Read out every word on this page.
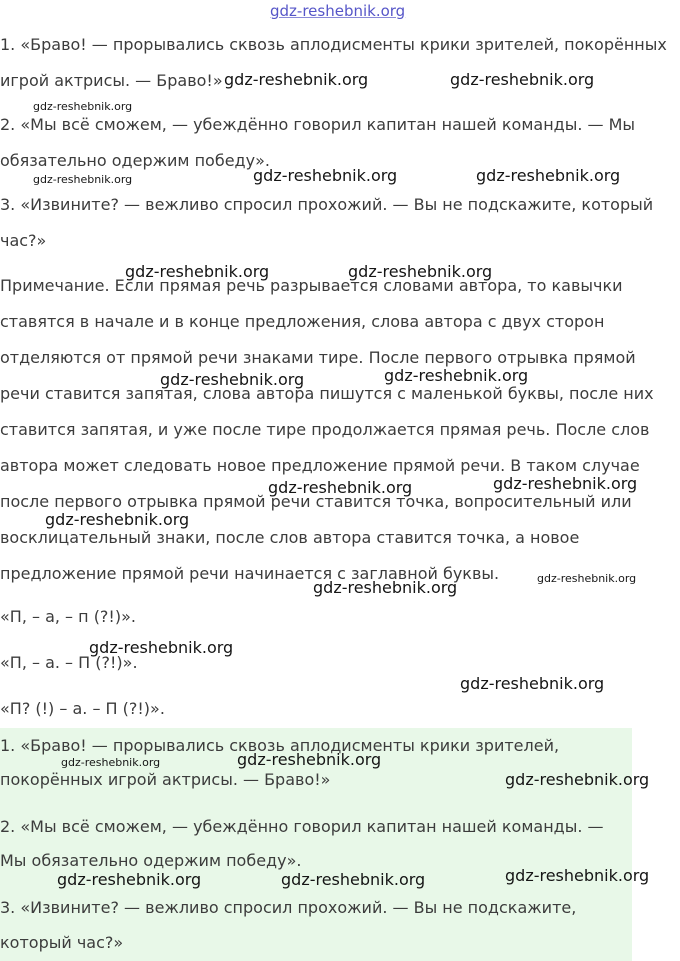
1. «Браво! — прорывались сквозь аплодисменты крики зрителей, покорённых
игрой актрисы. — Браво!»
2. «Мы всё сможем, — убеждённо говорил капитан нашей команды. — Мы
обязательно одержим победу».
3. «Извините? — вежливо спросил прохожий. — Вы не подскажите, который
час?»
Примечание. Если прямая речь разрывается словами автора, то кавычки
ставятся в начале и в конце предложения, слова автора с двух сторон
отделяются от прямой речи знаками тире. После первого отрывка прямой
речи ставится запятая, слова автора пишутся с маленькой буквы, после них
ставится запятая, и уже после тире продолжается прямая речь. После слов
автора может следовать новое предложение прямой речи. В таком случае
после первого отрывка прямой речи ставится точка, вопросительный или
восклицательный знаки, после слов автора ставится точка, а новое
предложение прямой речи начинается с заглавной буквы.
«П, – а, – п (?!)».
«П, – а. – П (?!)».
«П? (!) – а. – П (?!)».
1. «Браво! — прорывались сквозь аплодисменты крики зрителей,
покорённых игрой актрисы. — Браво!»
2. «Мы всё сможем, — убеждённо говорил капитан нашей команды. —
Мы обязательно одержим победу».
3. «Извините? — вежливо спросил прохожий. — Вы не подскажите,
который час?»
gdz-reshebnik.org
gdz-reshebnik.org	gdz-reshebnik.org
gdz-reshebnik.org
gdz-reshebnik.org	gdz-reshebnik.org	gdz-reshebnik.org
gdz-reshebnik.org	gdz-reshebnik.org
gdz-reshebnik.org	gdz-reshebnik.org
gdz-reshebnik.org	gdz-reshebnik.org
gdz-reshebnik.org
gdz-reshebnik.org
gdz-reshebnik.org
gdz-reshebnik.org
gdz-reshebnik.org
gdz-reshebnik.org	gdz-reshebnik.org
gdz-reshebnik.org
gdz-reshebnik.org	gdz-reshebnik.org	gdz-reshebnik.org
